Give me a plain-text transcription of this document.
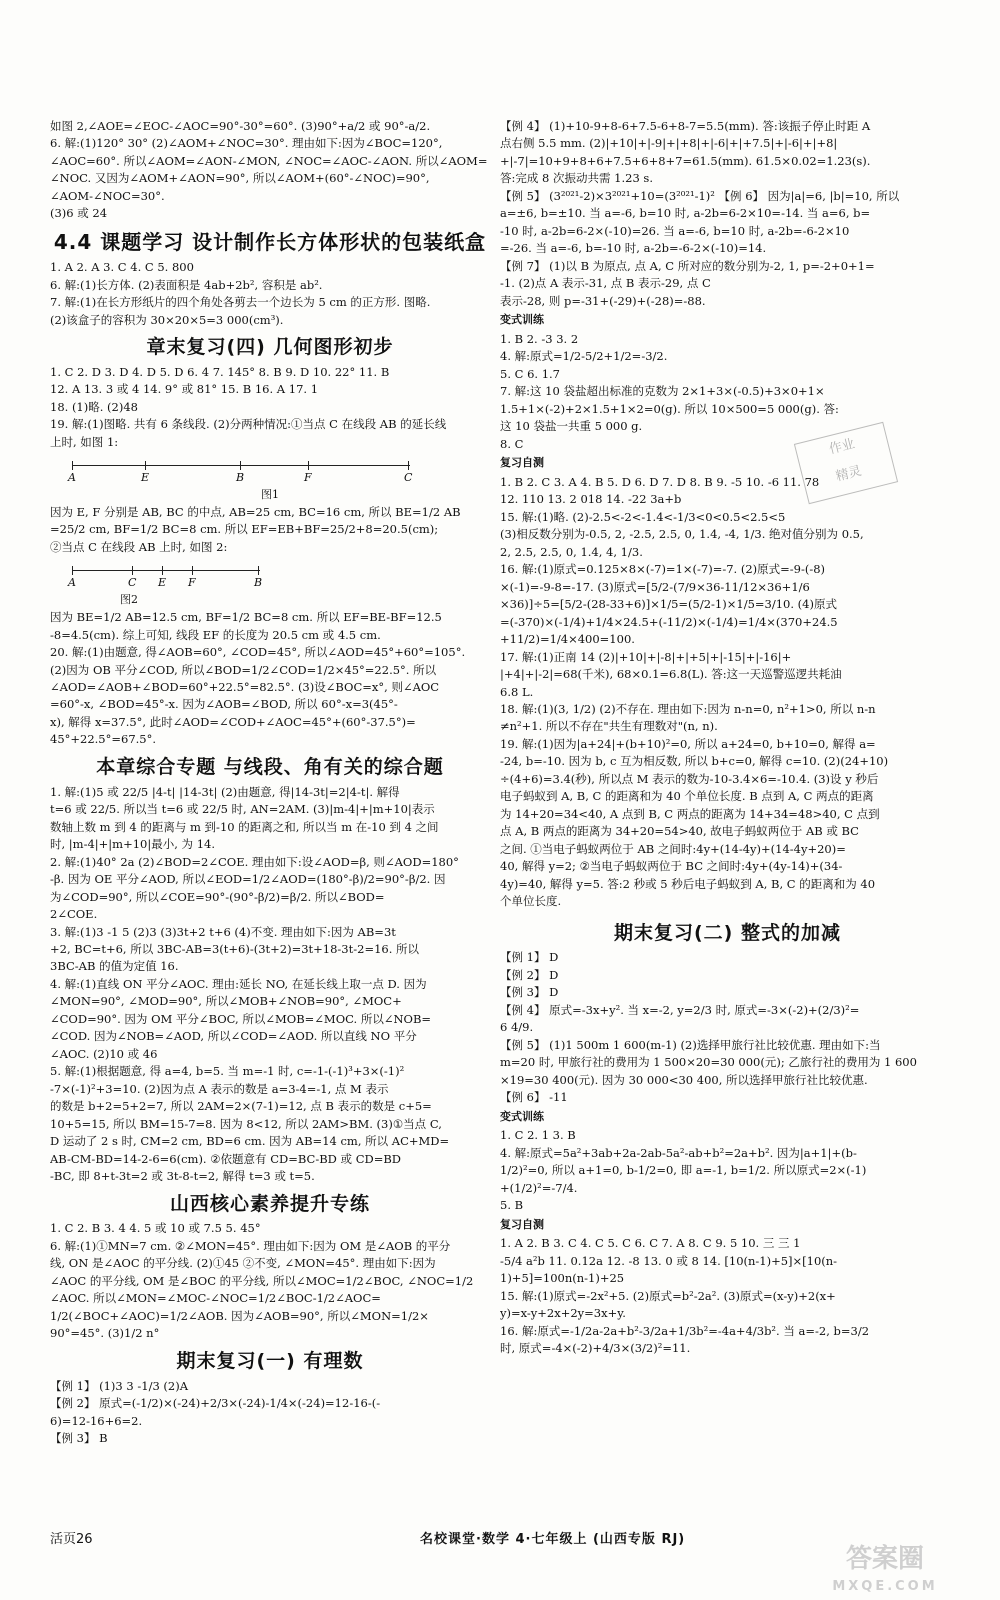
如图 2,∠AOE=∠EOC-∠AOC=90°-30°=60°. (3)90°+a/2 或 90°-a/2.

6. 解:(1)120° 30° (2)∠AOM+∠NOC=30°. 理由如下:因为∠BOC=120°,

∠AOC=60°. 所以∠AOM=∠AON-∠MON, ∠NOC=∠AOC-∠AON. 所以∠AOM=

∠NOC. 又因为∠AOM+∠AON=90°, 所以∠AOM+(60°-∠NOC)=90°,

∠AOM-∠NOC=30°.

(3)6 或 24

4.4 课题学习 设计制作长方体形状的包装纸盒

1. A 2. A 3. C 4. C 5. 800

6. 解:(1)长方体. (2)表面积是 4ab+2b², 容积是 ab².

7. 解:(1)在长方形纸片的四个角处各剪去一个边长为 5 cm 的正方形. 图略.

(2)该盒子的容积为 30×20×5=3 000(cm³).

章末复习(四) 几何图形初步

1. C 2. D 3. D 4. D 5. D 6. 4 7. 145° 8. B 9. D 10. 22° 11. B

12. A 13. 3 或 4 14. 9° 或 81° 15. B 16. A 17. 1

18. (1)略. (2)48

19. 解:(1)图略. 共有 6 条线段. (2)分两种情况:①当点 C 在线段 AB 的延长线

上时, 如图 1:

A	E	B	F	C
图1

因为 E, F 分别是 AB, BC 的中点, AB=25 cm, BC=16 cm, 所以 BE=1/2 AB

=25/2 cm, BF=1/2 BC=8 cm. 所以 EF=EB+BF=25/2+8=20.5(cm);

②当点 C 在线段 AB 上时, 如图 2:

A	C E F	B
图2

因为 BE=1/2 AB=12.5 cm, BF=1/2 BC=8 cm. 所以 EF=BE-BF=12.5

-8=4.5(cm). 综上可知, 线段 EF 的长度为 20.5 cm 或 4.5 cm.

20. 解:(1)由题意, 得∠AOB=60°, ∠COD=45°, 所以∠AOD=45°+60°=105°.

(2)因为 OB 平分∠COD, 所以∠BOD=1/2∠COD=1/2×45°=22.5°. 所以

∠AOD=∠AOB+∠BOD=60°+22.5°=82.5°. (3)设∠BOC=x°, 则∠AOC

=60°-x, ∠BOD=45°-x. 因为∠AOB=∠BOD, 所以 60°-x=3(45°-

x), 解得 x=37.5°, 此时∠AOD=∠COD+∠AOC=45°+(60°-37.5°)=

45°+22.5°=67.5°.

本章综合专题 与线段、角有关的综合题

1. 解:(1)5 或 22/5 |4-t| |14-3t| (2)由题意, 得|14-3t|=2|4-t|. 解得

t=6 或 22/5. 所以当 t=6 或 22/5 时, AN=2AM. (3)|m-4|+|m+10|表示

数轴上数 m 到 4 的距离与 m 到-10 的距离之和, 所以当 m 在-10 到 4 之间

时, |m-4|+|m+10|最小, 为 14.

2. 解:(1)40° 2a (2)∠BOD=2∠COE. 理由如下:设∠AOD=β, 则∠AOD=180°

-β. 因为 OE 平分∠AOD, 所以∠EOD=1/2∠AOD=(180°-β)/2=90°-β/2. 因

为∠COD=90°, 所以∠COE=90°-(90°-β/2)=β/2. 所以∠BOD=

2∠COE.

3. 解:(1)3 -1 5 (2)3 (3)3t+2 t+6 (4)不变. 理由如下:因为 AB=3t

+2, BC=t+6, 所以 3BC-AB=3(t+6)-(3t+2)=3t+18-3t-2=16. 所以

3BC-AB 的值为定值 16.

4. 解:(1)直线 ON 平分∠AOC. 理由:延长 NO, 在延长线上取一点 D. 因为

∠MON=90°, ∠MOD=90°, 所以∠MOB+∠NOB=90°, ∠MOC+

∠COD=90°. 因为 OM 平分∠BOC, 所以∠MOB=∠MOC. 所以∠NOB=

∠COD. 因为∠NOB=∠AOD, 所以∠COD=∠AOD. 所以直线 NO 平分

∠AOC. (2)10 或 46

5. 解:(1)根据题意, 得 a=4, b=5. 当 m=-1 时, c=-1-(-1)³+3×(-1)²

-7×(-1)²+3=10. (2)因为点 A 表示的数是 a=3-4=-1, 点 M 表示

的数是 b+2=5+2=7, 所以 2AM=2×(7-1)=12, 点 B 表示的数是 c+5=

10+5=15, 所以 BM=15-7=8. 因为 8<12, 所以 2AM>BM. (3)①当点 C,

D 运动了 2 s 时, CM=2 cm, BD=6 cm. 因为 AB=14 cm, 所以 AC+MD=

AB-CM-BD=14-2-6=6(cm). ②依题意有 CD=BC-BD 或 CD=BD

-BC, 即 8+t-3t=2 或 3t-8-t=2, 解得 t=3 或 t=5.

山西核心素养提升专练

1. C 2. B 3. 4 4. 5 或 10 或 7.5 5. 45°

6. 解:(1)①MN=7 cm. ②∠MON=45°. 理由如下:因为 OM 是∠AOB 的平分

线, ON 是∠AOC 的平分线. (2)①45 ②不变, ∠MON=45°. 理由如下:因为

∠AOC 的平分线, OM 是∠BOC 的平分线, 所以∠MOC=1/2∠BOC, ∠NOC=1/2

∠AOC. 所以∠MON=∠MOC-∠NOC=1/2∠BOC-1/2∠AOC=

1/2(∠BOC+∠AOC)=1/2∠AOB. 因为∠AOB=90°, 所以∠MON=1/2×

90°=45°. (3)1/2 n°

期末复习(一) 有理数

【例 1】 (1)3 3 -1/3 (2)A

【例 2】 原式=(-1/2)×(-24)+2/3×(-24)-1/4×(-24)=12-16-(-

6)=12-16+6=2.

【例 3】 B

【例 4】 (1)+10-9+8-6+7.5-6+8-7=5.5(mm). 答:该振子停止时距 A

点右侧 5.5 mm. (2)|+10|+|-9|+|+8|+|-6|+|+7.5|+|-6|+|+8|

+|-7|=10+9+8+6+7.5+6+8+7=61.5(mm). 61.5×0.02=1.23(s).

答:完成 8 次振动共需 1.23 s.

【例 5】 (3²⁰²¹-2)×3²⁰²¹+10=(3²⁰²¹-1)² 【例 6】 因为|a|=6, |b|=10, 所以

a=±6, b=±10. 当 a=-6, b=10 时, a-2b=6-2×10=-14. 当 a=6, b=

-10 时, a-2b=6-2×(-10)=26. 当 a=-6, b=10 时, a-2b=-6-2×10

=-26. 当 a=-6, b=-10 时, a-2b=-6-2×(-10)=14.

【例 7】 (1)以 B 为原点, 点 A, C 所对应的数分别为-2, 1, p=-2+0+1=

-1. (2)点 A 表示-31, 点 B 表示-29, 点 C

表示-28, 则 p=-31+(-29)+(-28)=-88.

变式训练

1. B 2. -3 3. 2

4. 解:原式=1/2-5/2+1/2=-3/2.

5. C 6. 1.7

7. 解:这 10 袋盐超出标准的克数为 2×1+3×(-0.5)+3×0+1×

1.5+1×(-2)+2×1.5+1×2=0(g). 所以 10×500=5 000(g). 答:

这 10 袋盐一共重 5 000 g.

8. C

复习自测

1. B 2. C 3. A 4. B 5. D 6. D 7. D 8. B 9. -5 10. -6 11. 78

12. 110 13. 2 018 14. -22 3a+b

15. 解:(1)略. (2)-2.5<-2<-1.4<-1/3<0<0.5<2.5<5

(3)相反数分别为-0.5, 2, -2.5, 2.5, 0, 1.4, -4, 1/3. 绝对值分别为 0.5,

2, 2.5, 2.5, 0, 1.4, 4, 1/3.

16. 解:(1)原式=0.125×8×(-7)=1×(-7)=-7. (2)原式=-9-(-8)

×(-1)=-9-8=-17. (3)原式=[5/2-(7/9×36-11/12×36+1/6

×36)]÷5=[5/2-(28-33+6)]×1/5=(5/2-1)×1/5=3/10. (4)原式

=(-370)×(-1/4)+1/4×24.5+(-11/2)×(-1/4)=1/4×(370+24.5

+11/2)=1/4×400=100.

17. 解:(1)正南 14 (2)|+10|+|-8|+|+5|+|-15|+|-16|+

|+4|+|-2|=68(千米), 68×0.1=6.8(L). 答:这一天巡警巡逻共耗油

6.8 L.

18. 解:(1)(3, 1/2) (2)不存在. 理由如下:因为 n-n=0, n²+1>0, 所以 n-n

≠n²+1. 所以不存在"共生有理数对"(n, n).

19. 解:(1)因为|a+24|+(b+10)²=0, 所以 a+24=0, b+10=0, 解得 a=

-24, b=-10. 因为 b, c 互为相反数, 所以 b+c=0, 解得 c=10. (2)(24+10)

÷(4+6)=3.4(秒), 所以点 M 表示的数为-10-3.4×6=-10.4. (3)设 y 秒后

电子蚂蚁到 A, B, C 的距离和为 40 个单位长度. B 点到 A, C 两点的距离

为 14+20=34<40, A 点到 B, C 两点的距离为 14+34=48>40, C 点到

点 A, B 两点的距离为 34+20=54>40, 故电子蚂蚁两位于 AB 或 BC

之间. ①当电子蚂蚁两位于 AB 之间时:4y+(14-4y)+(14-4y+20)=

40, 解得 y=2; ②当电子蚂蚁两位于 BC 之间时:4y+(4y-14)+(34-

4y)=40, 解得 y=5. 答:2 秒或 5 秒后电子蚂蚁到 A, B, C 的距离和为 40

个单位长度.

期末复习(二) 整式的加减

【例 1】 D

【例 2】 D

【例 3】 D

【例 4】 原式=-3x+y². 当 x=-2, y=2/3 时, 原式=-3×(-2)+(2/3)²=

6 4/9.

【例 5】 (1)1 500m 1 600(m-1) (2)选择甲旅行社比较优惠. 理由如下:当

m=20 时, 甲旅行社的费用为 1 500×20=30 000(元); 乙旅行社的费用为 1 600

×19=30 400(元). 因为 30 000<30 400, 所以选择甲旅行社比较优惠.

【例 6】 -11

变式训练

1. C 2. 1 3. B

4. 解:原式=5a²+3ab+2a-2ab-5a²-ab+b²=2a+b². 因为|a+1|+(b-

1/2)²=0, 所以 a+1=0, b-1/2=0, 即 a=-1, b=1/2. 所以原式=2×(-1)

+(1/2)²=-7/4.

5. B

复习自测

1. A 2. B 3. C 4. C 5. C 6. C 7. A 8. C 9. 5 10. 三 三 1

-5/4 a²b 11. 0.12a 12. -8 13. 0 或 8 14. [10(n-1)+5]×[10(n-

1)+5]=100n(n-1)+25

15. 解:(1)原式=-2x²+5. (2)原式=b²-2a². (3)原式=(x-y)+2(x+

y)=x-y+2x+2y=3x+y.

16. 解:原式=-1/2a-2a+b²-3/2a+1/3b²=-4a+4/3b². 当 a=-2, b=3/2

时, 原式=-4×(-2)+4/3×(3/2)²=11.

作业
精灵
活页26	名校课堂·数学 4·七年级上 (山西专版 RJ)
答案圈
MXQE.COM
